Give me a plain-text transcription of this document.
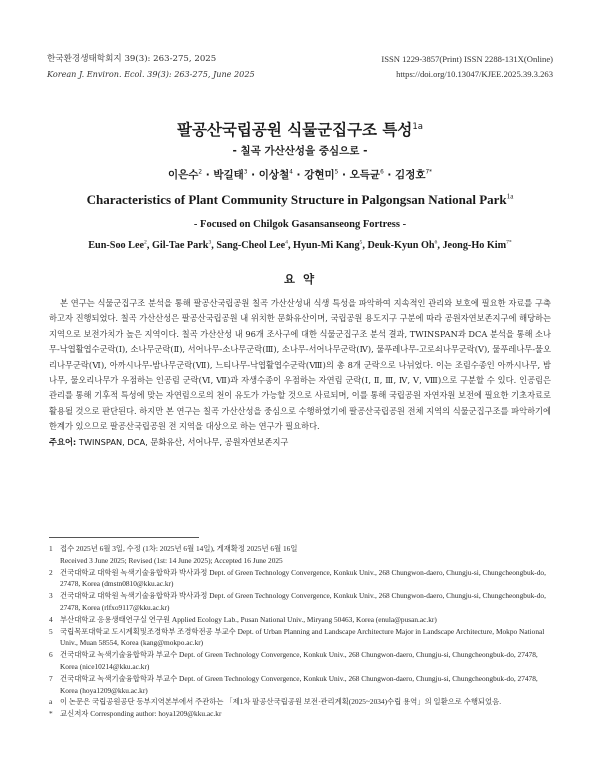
한국환경생태학회지 39(3): 263-275, 2025
Korean J. Environ. Ecol. 39(3): 263-275, June 2025
ISSN 1229-3857(Print) ISSN 2288-131X(Online)
https://doi.org/10.13047/KJEE.2025.39.3.263
팔공산국립공원 식물군집구조 특성$^{1a}$
- 칠곡 가산산성을 중심으로 -
이은수$^2$ · 박길태$^3$ · 이상철$^4$ · 강현미$^5$ · 오득균$^6$ · 김정호$^{7*}$
Characteristics of Plant Community Structure in Palgongsan National Park$^{1a}$
- Focused on Chilgok Gasansanseong Fortress -
Eun-Soo Lee$^2$, Gil-Tae Park$^3$, Sang-Cheol Lee$^4$, Hyun-Mi Kang$^5$, Deuk-Kyun Oh$^6$, Jeong-Ho Kim$^{7*}$
요 약
본 연구는 식물군집구조 분석을 통해 팔공산국립공원 칠곡 가산산성내 식생 특성을 파악하여 지속적인 관리와 보호에 필요한 자료를 구축하고자 진행되었다. 칠곡 가산산성은 팔공산국립공원 내 위치한 문화유산이며, 국립공원 용도지구 구분에 따라 공원자연보존지구에 해당하는 지역으로 보전가치가 높은 지역이다. 칠곡 가산산성 내 96개 조사구에 대한 식물군집구조 분석 결과, TWINSPAN과 DCA 분석을 통해 소나무-낙엽활엽수군락(Ⅰ), 소나무군락(Ⅱ), 서어나무-소나무군락(Ⅲ), 소나무-서어나무군락(Ⅳ), 물푸레나무-고로쇠나무군락(Ⅴ), 물푸레나무-물오리나무군락(Ⅵ), 아까시나무-밤나무군락(Ⅶ), 느티나무-낙엽활엽수군락(Ⅷ)의 총 8개 군락으로 나뉘었다. 이는 조림수종인 아까시나무, 밤나무, 물오리나무가 우점하는 인공림 군락(Ⅵ, Ⅶ)과 자생수종이 우점하는 자연림 군락(Ⅰ, Ⅱ, Ⅲ, Ⅳ, Ⅴ, Ⅷ)으로 구분할 수 있다. 인공림은 관리를 통해 기후적 특성에 맞는 자연림으로의 천이 유도가 가능할 것으로 사료되며, 이를 통해 국립공원 자연자원 보전에 필요한 기초자료로 활용될 것으로 판단된다. 하지만 본 연구는 칠곡 가산산성을 중심으로 수행하였기에 팔공산국립공원 전체 지역의 식물군집구조를 파악하기에 한계가 있으므로 팔공산국립공원 전 지역을 대상으로 하는 연구가 필요하다.
주요어: TWINSPAN, DCA, 문화유산, 서어나무, 공원자연보존지구
1 접수 2025년 6월 3일, 수정 (1차: 2025년 6월 14일), 게재확정 2025년 6월 16일
Received 3 June 2025; Revised (1st: 14 June 2025); Accepted 16 June 2025
2 건국대학교 대학원 녹색기술융합학과 박사과정 Dept. of Green Technology Convergence, Konkuk Univ., 268 Chungwon-daero, Chungju-si, Chungcheongbuk-do, 27478, Korea (dmstn0810@kku.ac.kr)
3 건국대학교 대학원 녹색기술융합학과 박사과정 Dept. of Green Technology Convergence, Konkuk Univ., 268 Chungwon-daero, Chungju-si, Chungcheongbuk-do, 27478, Korea (rlfxo9117@kku.ac.kr)
4 부산대학교 응용생태연구실 연구원 Applied Ecology Lab., Pusan National Univ., Miryang 50463, Korea (enula@pusan.ac.kr)
5 국립목포대학교 도시계획및조경학부 조경학전공 부교수 Dept. of Urban Planning and Landscape Architecture Major in Landscape Architecture, Mokpo National Univ., Muan 58554, Korea (kang@mokpo.ac.kr)
6 건국대학교 녹색기술융합학과 부교수 Dept. of Green Technology Convergence, Konkuk Univ., 268 Chungwon-daero, Chungju-si, Chungcheongbuk-do, 27478, Korea (nice10214@kku.ac.kr)
7 건국대학교 녹색기술융합학과 부교수 Dept. of Green Technology Convergence, Konkuk Univ., 268 Chungwon-daero, Chungju-si, Chungcheongbuk-do, 27478, Korea (hoya1209@kku.ac.kr)
a	이 논문은 국립공원공단 동부지역본부에서 주관하는 「제1차 팔공산국립공원 보전·관리계획(2025~2034)수립 용역」의 일환으로 수행되었음.
* 교신저자 Corresponding author: hoya1209@kku.ac.kr
